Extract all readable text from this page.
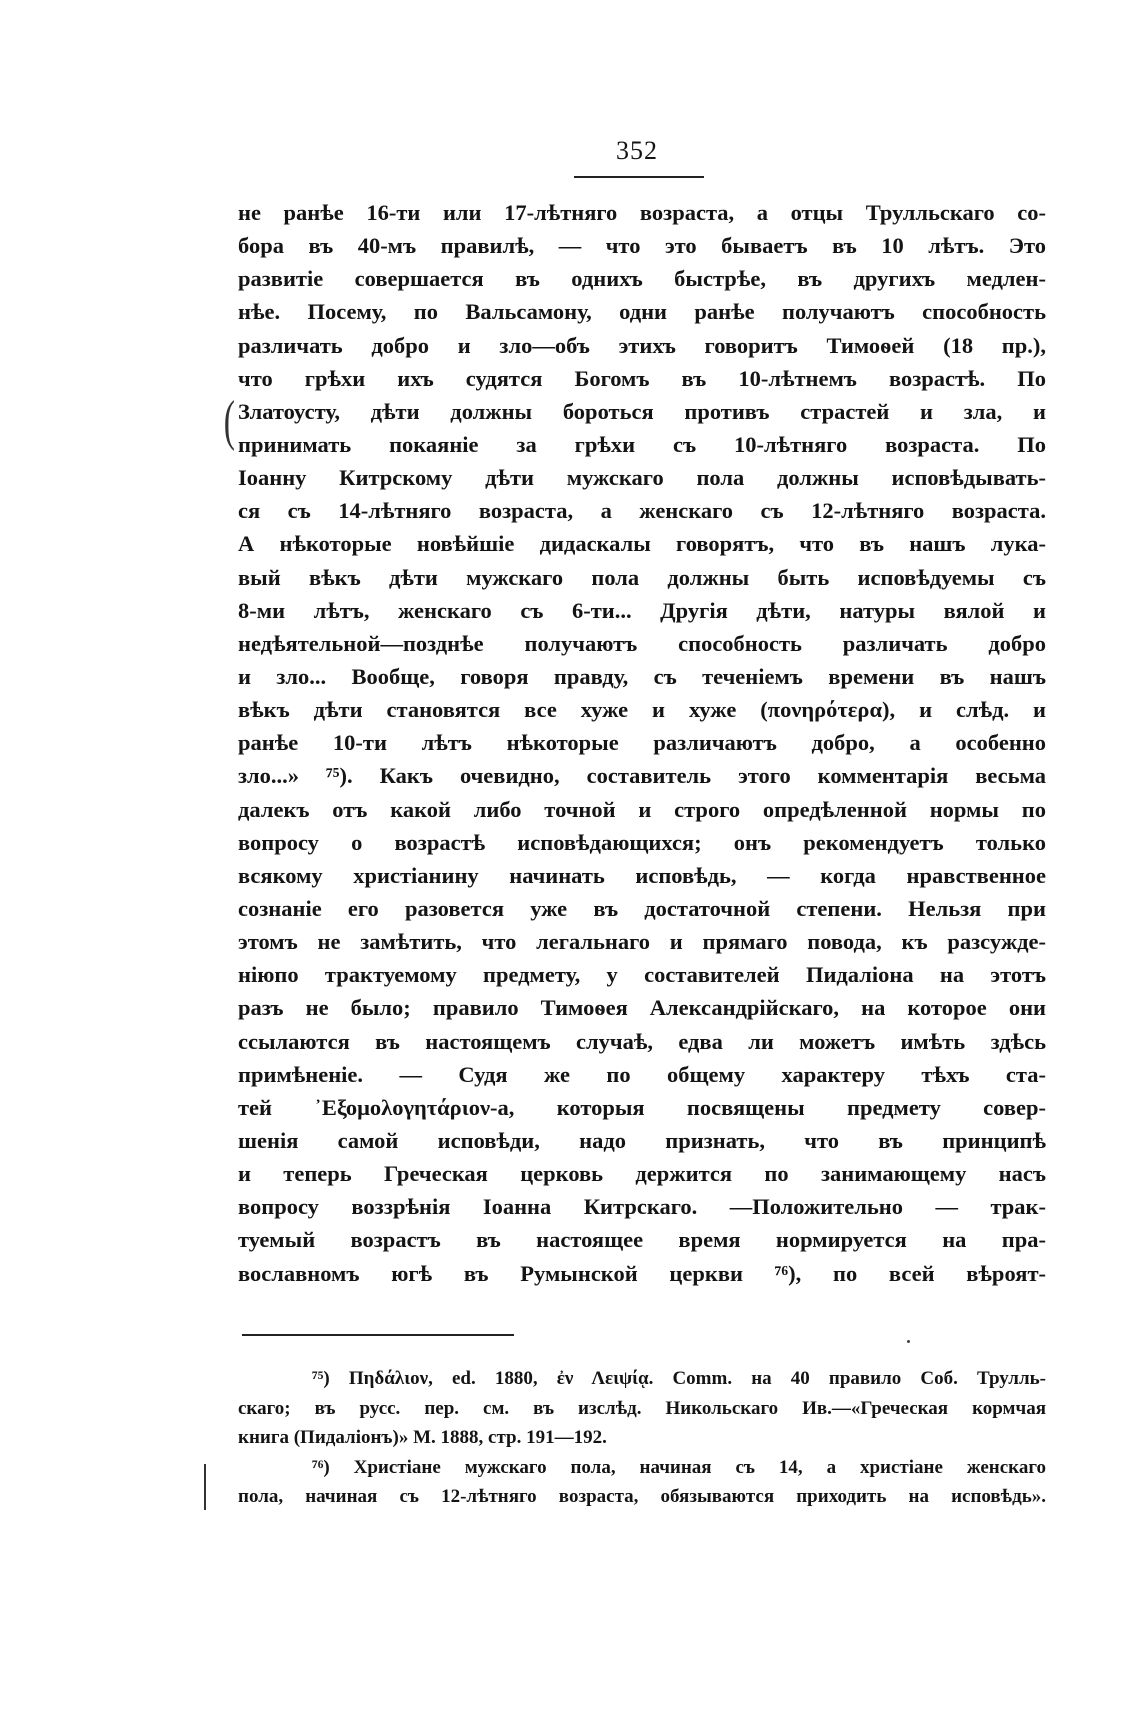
352
(
не ранѣе 16-ти или 17-лѣтняго возраста, а отцы Трулльскаго со-
бора въ 40-мъ правилѣ, — что это бываетъ въ 10 лѣтъ. Это
развитіе совершается въ однихъ быстрѣе, въ другихъ медлен-
нѣе. Посему, по Вальсамону, одни ранѣе получаютъ способность
различать добро и зло—объ этихъ говоритъ Тимоѳей (18 пр.),
что грѣхи ихъ судятся Богомъ въ 10-лѣтнемъ возрастѣ. По
Златоусту, дѣти должны бороться противъ страстей и зла, и
принимать покаяніе за грѣхи съ 10-лѣтняго возраста. По
Іоанну Китрскому дѣти мужскаго пола должны исповѣдывать-
ся съ 14-лѣтняго возраста, а женскаго съ 12-лѣтняго возраста.
А нѣкоторые новѣйшіе дидаскалы говорятъ, что въ нашъ лука-
вый вѣкъ дѣти мужскаго пола должны быть исповѣдуемы съ
8-ми лѣтъ, женскаго съ 6-ти... Другія дѣти, натуры вялой и
недѣятельной—позднѣе получаютъ способность различать добро
и зло... Вообще, говоря правду, съ теченіемъ времени въ нашъ
вѣкъ дѣти становятся все хуже и хуже (πονηρότερα), и слѣд. и
ранѣе 10-ти лѣтъ нѣкоторые различаютъ добро, а особенно
зло...» ⁷⁵). Какъ очевидно, составитель этого комментарія весьма
далекъ отъ какой либо точной и строго опредѣленной нормы по
вопросу о возрастѣ исповѣдающихся; онъ рекомендуетъ только
всякому христіанину начинать исповѣдь, — когда нравственное
сознаніе его разовется уже въ достаточной степени. Нельзя при
этомъ не замѣтить, что легальнаго и прямаго повода, къ разсужде-
ніюпо трактуемому предмету, у составителей Пидаліона на этотъ
разъ не было; правило Тимоѳея Александрійскаго, на которое они
ссылаются въ настоящемъ случаѣ, едва ли можетъ имѣть здѣсь
примѣненіе. — Судя же по общему характеру тѣхъ ста-
тей ᾿Εξομολογητάριον-а, которыя посвящены предмету совер-
шенія самой исповѣди, надо признать, что въ принципѣ
и теперь Греческая церковь держится по занимающему насъ
вопросу воззрѣнія Іоанна Китрскаго. —Положительно — трак-
туемый возрастъ въ настоящее время нормируется на пра-
вославномъ югѣ въ Румынской церкви ⁷⁶), по всей вѣроят-
⁷⁵) Πηδάλιον, ed. 1880, ἐν Λειψίᾳ. Comm. на 40 правило Соб. Трулль-
скаго; въ русс. пер. см. въ изслѣд. Никольскаго Ив.—«Греческая кормчая
книга (Пидаліонъ)» М. 1888, стр. 191—192.
⁷⁶) Христіане мужскаго пола, начиная съ 14, а христіане женскаго
пола, начиная съ 12-лѣтняго возраста, обязываются приходить на исповѣдь».
